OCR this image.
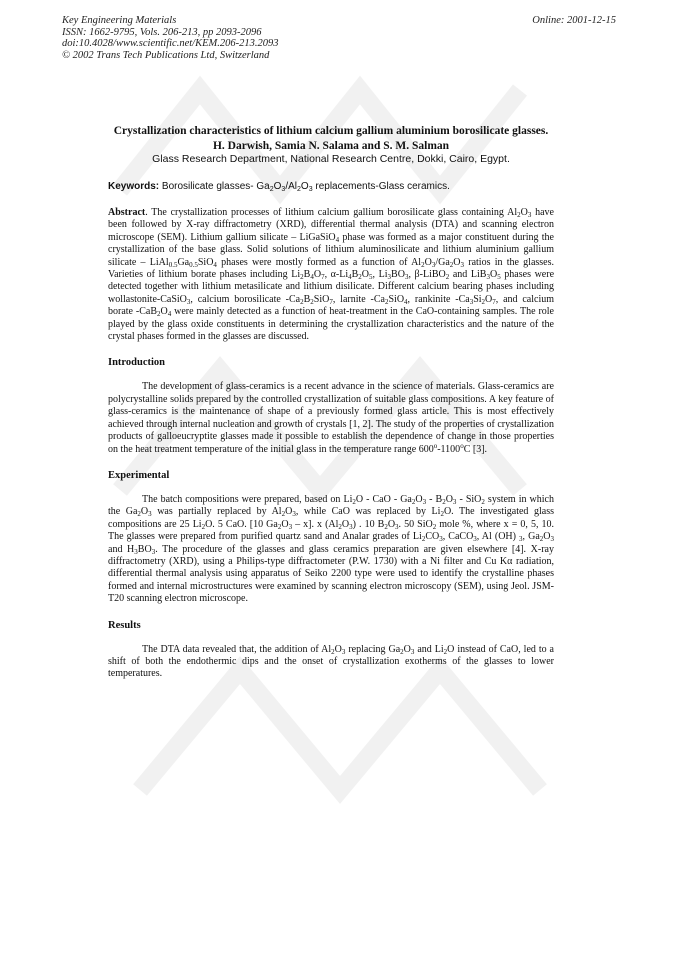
Key Engineering Materials
ISSN: 1662-9795, Vols. 206-213, pp 2093-2096
doi:10.4028/www.scientific.net/KEM.206-213.2093
© 2002 Trans Tech Publications Ltd, Switzerland
Online: 2001-12-15
Crystallization characteristics of lithium calcium gallium aluminium borosilicate glasses.
H. Darwish, Samia N. Salama and S. M. Salman
Glass Research Department, National Research Centre, Dokki, Cairo, Egypt.
Keywords: Borosilicate glasses- $Ga_2O_3/Al_2O_3$ replacements-Glass ceramics.
Abstract. The crystallization processes of lithium calcium gallium borosilicate glass containing $Al_2O_3$ have been followed by X-ray diffractometry (XRD), differential thermal analysis (DTA) and scanning electron microscope (SEM). Lithium gallium silicate – LiGaSiO$_4$ phase was formed as a major constituent during the crystallization of the base glass. Solid solutions of lithium aluminosilicate and lithium aluminium gallium silicate – $LiAl_{0.5}Ga_{0.5}SiO_4$ phases were mostly formed as a function of $Al_2O_3/Ga_2O_3$ ratios in the glasses. Varieties of lithium borate phases including $Li_2B_4O_7$, $\alpha-Li_4B_2O_5$, $Li_3BO_3$, β-LiBO$_2$ and $LiB_3O_5$ phases were detected together with lithium metasilicate and lithium disilicate. Different calcium bearing phases including wollastonite-CaSiO$_3$, calcium borosilicate $-Ca_2B_2SiO_7$, larnite $-Ca_2SiO_4$, rankinite $-Ca_3Si_2O_7$, and calcium borate $-CaB_2O_4$ were mainly detected as a function of heat-treatment in the CaO-containing samples. The role played by the glass oxide constituents in determining the crystallization characteristics and the nature of the crystal phases formed in the glasses are discussed.
Introduction
The development of glass-ceramics is a recent advance in the science of materials. Glass-ceramics are polycrystalline solids prepared by the controlled crystallization of suitable glass compositions. A key feature of glass-ceramics is the maintenance of shape of a previously formed glass article. This is most effectively achieved through internal nucleation and growth of crystals [1, 2]. The study of the properties of crystallization products of galloeucryptite glasses made it possible to establish the dependence of change in those properties on the heat treatment temperature of the initial glass in the temperature range 600$^o$-1100$^o$C [3].
Experimental
The batch compositions were prepared, based on $Li_2O$ - CaO - $Ga_2O_3 - B_2O_3 - SiO_2$ system in which the $Ga_2O_3$ was partially replaced by $Al_2O_3$, while CaO was replaced by $Li_2O$. The investigated glass compositions are 25 $Li_2O$. 5 CaO. [10 $Ga_2O_3 - x$]. x $(Al_2O_3)$ . 10 $B_2O_3$. 50 SiO$_2$ mole %, where x = 0, 5, 10. The glasses were prepared from purified quartz sand and Analar grades of $Li_2CO_3$, CaCO$_3$, Al (OH) $_3$, $Ga_2O_3$ and $H_3BO_3$. The procedure of the glasses and glass ceramics preparation are given elsewhere [4]. X-ray diffractometry (XRD), using a Philips-type diffractometer (P.W. 1730) with a Ni filter and Cu Kα radiation, differential thermal analysis using apparatus of Seiko 2200 type were used to identify the crystalline phases formed and internal microstructures were examined by scanning electron microscopy (SEM), using Jeol. JSM-T20 scanning electron microscope.
Results
The DTA data revealed that, the addition of $Al_2O_3$ replacing $Ga_2O_3$ and $Li_2O$ instead of CaO, led to a shift of both the endothermic dips and the onset of crystallization exotherms of the glasses to lower temperatures.
